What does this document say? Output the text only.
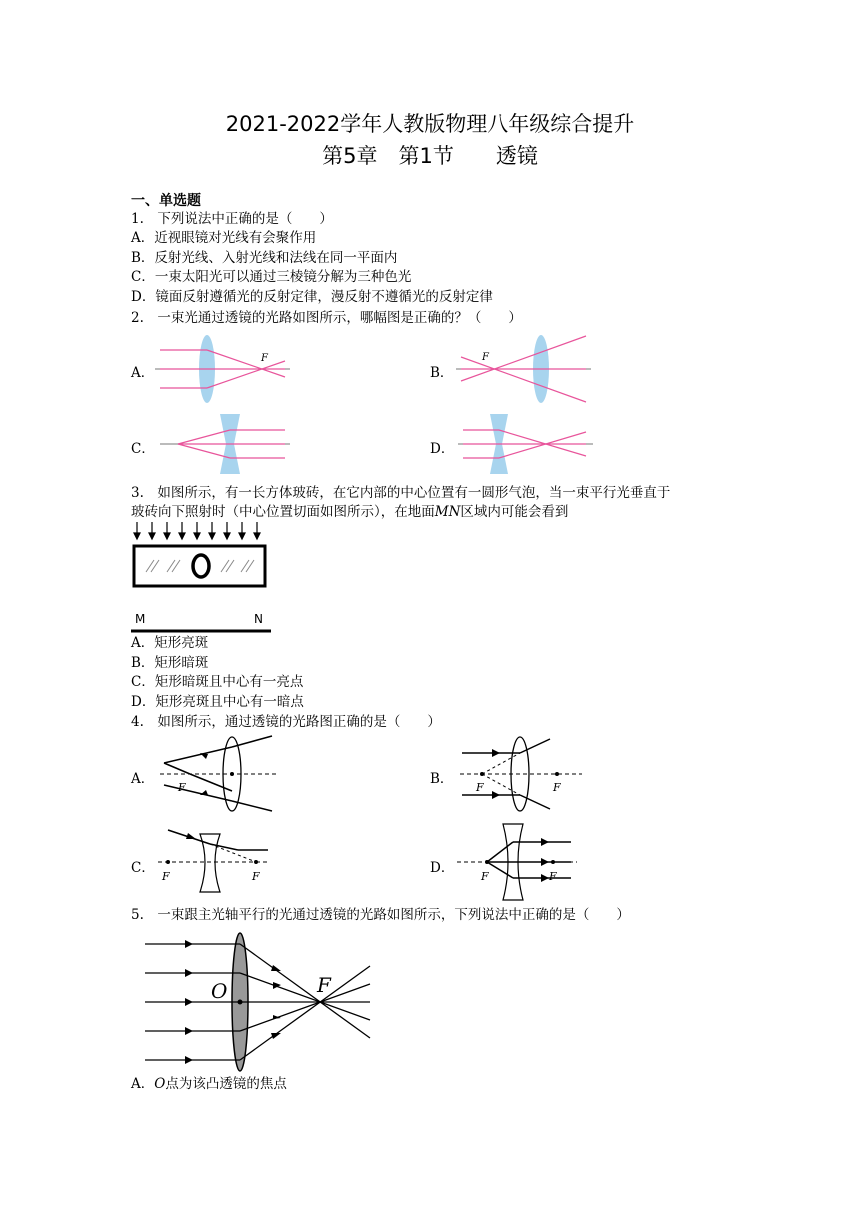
2021-2022学年人教版物理八年级综合提升
第5章　第1节　　透镜
一、单选题
1.　下列说法中正确的是（　　）
A．近视眼镜对光线有会聚作用
B．反射光线、入射光线和法线在同一平面内
C．一束太阳光可以通过三棱镜分解为三种色光
D．镜面反射遵循光的反射定律，漫反射不遵循光的反射定律
2.　一束光通过透镜的光路如图所示，哪幅图是正确的？（　　）
A．
F
B．
F
C．	D．
3.　如图所示，有一长方体玻砖，在它内部的中心位置有一圆形气泡，当一束平行光垂直于
玻砖向下照射时（中心位置切面如图所示），在地面MN区域内可能会看到
M	N
A．矩形亮斑
B．矩形暗斑
C．矩形暗斑且中心有一亮点
D．矩形亮斑且中心有一暗点
4.　如图所示，通过透镜的光路图正确的是（　　）
A．
F
B．
F	F
C．
F	F
D．
F	F
5.　一束跟主光轴平行的光通过透镜的光路如图所示，下列说法中正确的是（　　）
O	F
A．O点为该凸透镜的焦点
